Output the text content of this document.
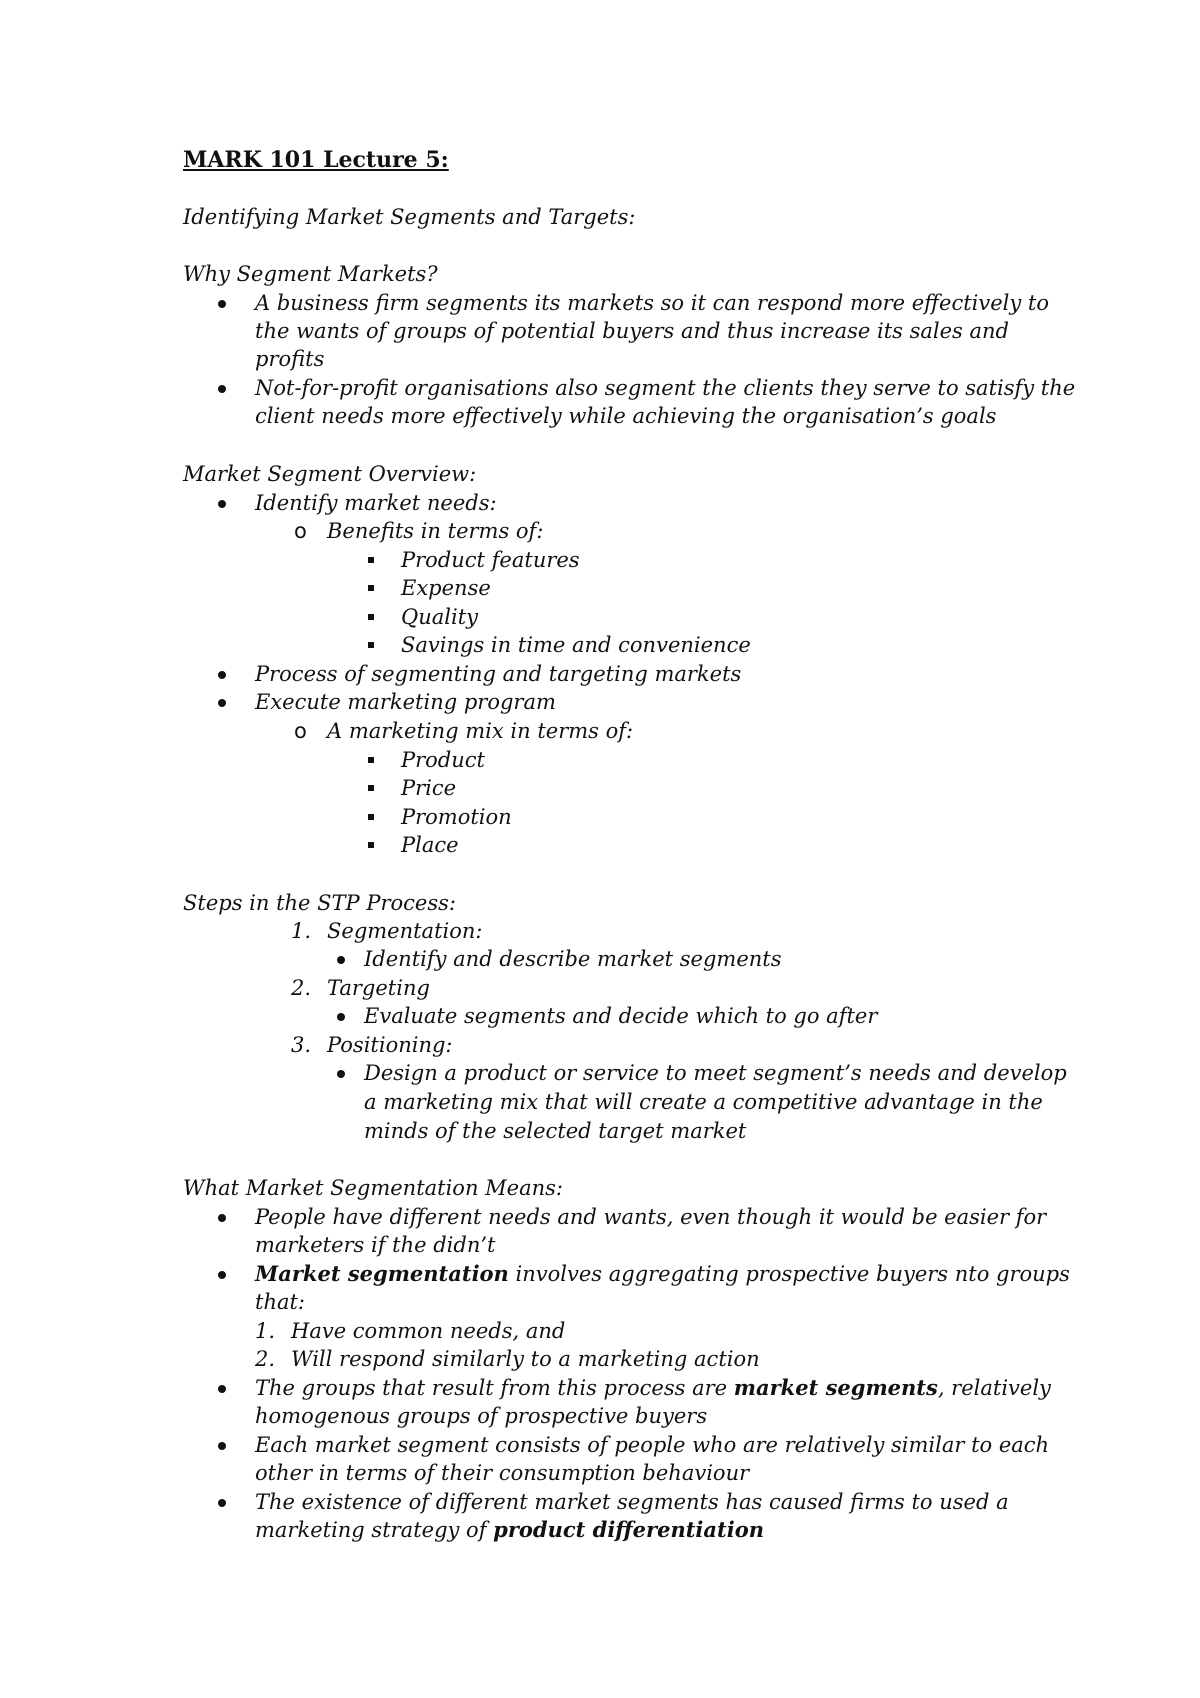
MARK 101 Lecture 5:

Identifying Market Segments and Targets:

Why Segment Markets?

A business firm segments its markets so it can respond more effectively to

the wants of groups of potential buyers and thus increase its sales and

profits

Not-for-profit organisations also segment the clients they serve to satisfy the

client needs more effectively while achieving the organisation’s goals

Market Segment Overview:

Identify market needs:

o Benefits in terms of:

Product features

Expense

Quality

Savings in time and convenience

Process of segmenting and targeting markets

Execute marketing program

o A marketing mix in terms of:

Product

Price

Promotion

Place

Steps in the STP Process:

1. Segmentation:

Identify and describe market segments

2. Targeting

Evaluate segments and decide which to go after

3. Positioning:

Design a product or service to meet segment’s needs and develop

a marketing mix that will create a competitive advantage in the

minds of the selected target market

What Market Segmentation Means:

People have different needs and wants, even though it would be easier for

marketers if the didn’t

Market segmentation involves aggregating prospective buyers nto groups

that:

1. Have common needs, and

2. Will respond similarly to a marketing action

The groups that result from this process are market segments, relatively

homogenous groups of prospective buyers

Each market segment consists of people who are relatively similar to each

other in terms of their consumption behaviour

The existence of different market segments has caused firms to used a

marketing strategy of product differentiation
